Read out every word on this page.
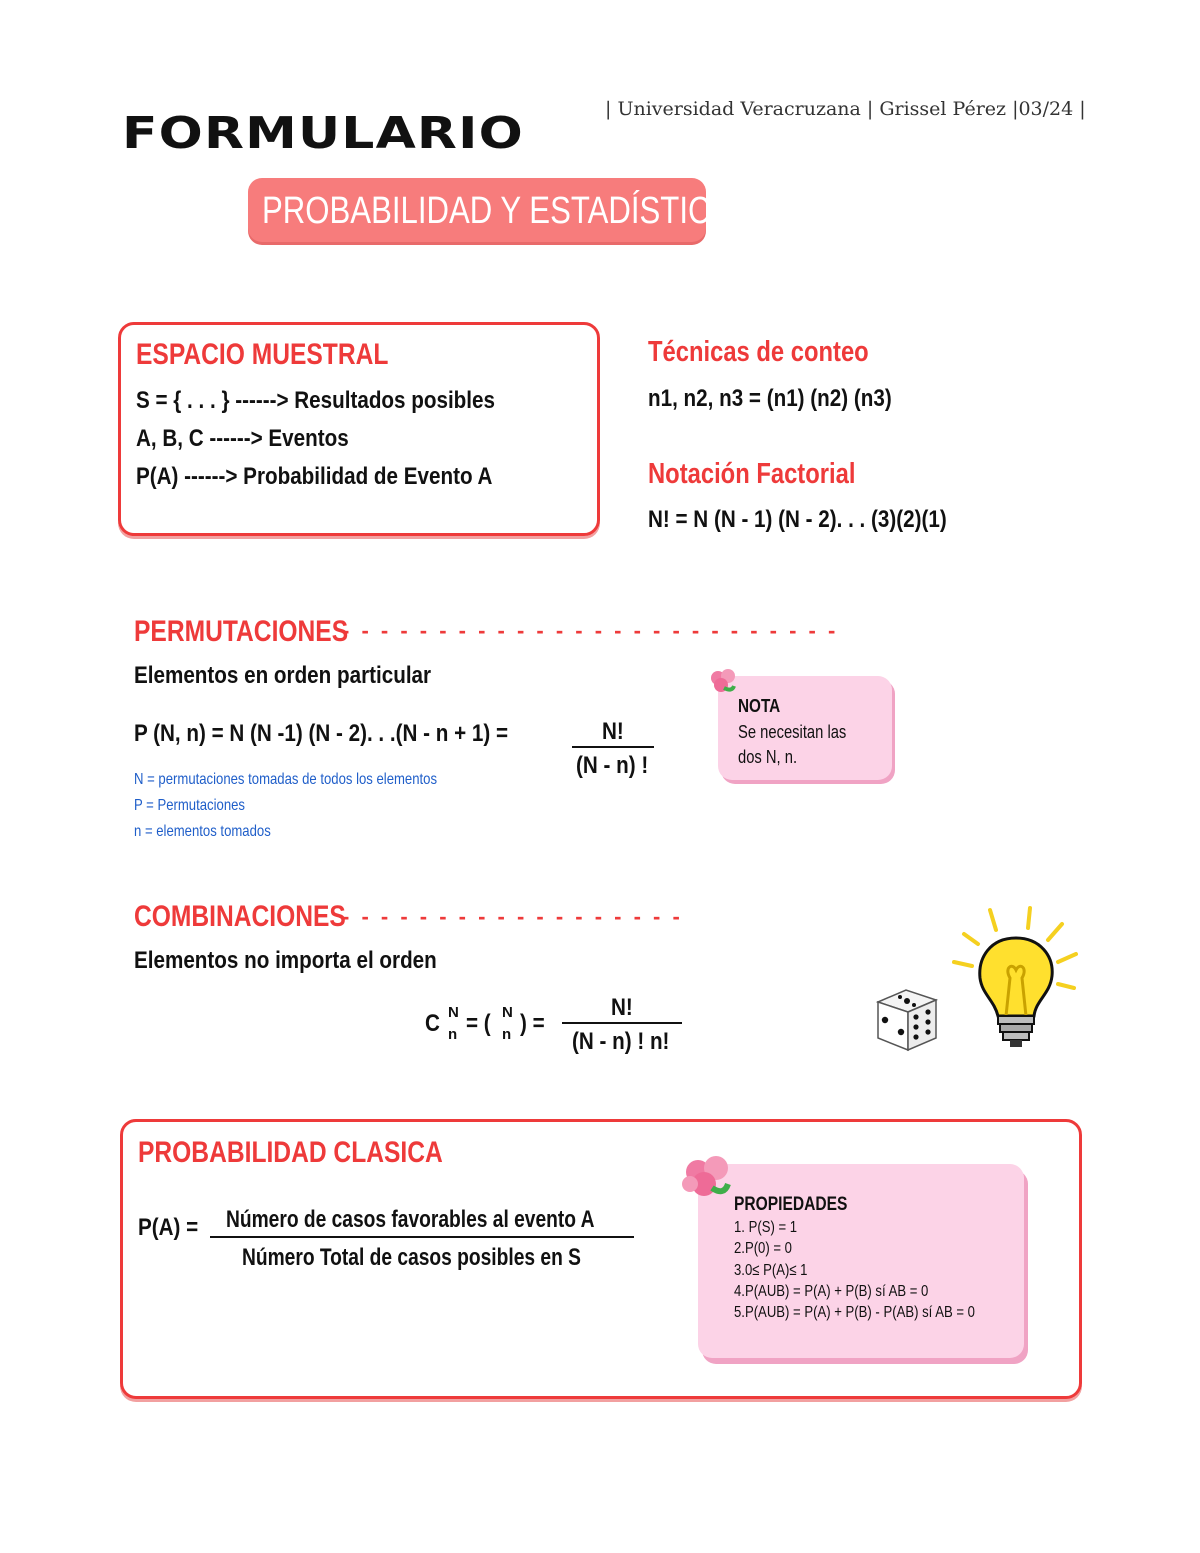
| Universidad Veracruzana | Grissel Pérez |03/24 |
FORMULARIO
PROBABILIDAD Y ESTADÍSTICA
ESPACIO MUESTRAL
S = { . . . } ------> Resultados posibles
A, B, C ------> Eventos
P(A) ------> Probabilidad de Evento A
Técnicas de conteo
n1, n2, n3 = (n1) (n2) (n3)
Notación Factorial
N! = N (N - 1) (N - 2). . . (3)(2)(1)
PERMUTACIONES
- - - - - - - - - - - - - - - - - - - - - - - - - -
Elementos en orden particular
P (N, n) = N (N -1) (N - 2). . .(N - n + 1) =	N!
(N - n) !
N = permutaciones tomadas de todos los elementos
P = Permutaciones
n = elementos tomados
NOTA
Se necesitan las
dos N, n.
COMBINACIONES
- - - - - - - - - - - - - - - - - -
Elementos no importa el orden
C N
n = ( N
n ) =
N!
(N - n) ! n!
PROBABILIDAD CLASICA
P(A) = Número de casos favorables al evento A
Número Total de casos posibles en S
PROPIEDADES
1. P(S) = 1
2.P(0) = 0
3.0≤ P(A)≤ 1
4.P(AUB) = P(A) + P(B) sí AB = 0
5.P(AUB) = P(A) + P(B) - P(AB) sí AB = 0
